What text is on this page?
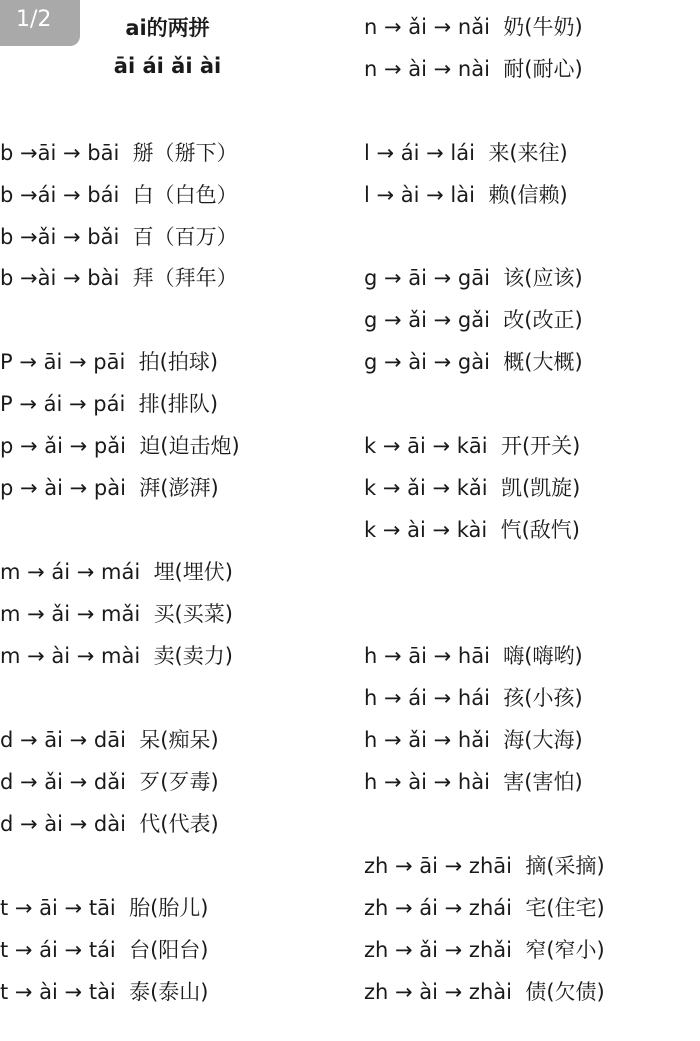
1/2	ai的两拼
āi ái ǎi ài
b →āi → bāi  掰（掰下）
b →ái → bái  白（白色）
b →ǎi → bǎi  百（百万）
b →ài → bài  拜（拜年）
P → āi → pāi  拍(拍球)
P → ái → pái  排(排队)
p → ǎi → pǎi  迫(迫击炮)
p → ài → pài  湃(澎湃)
m → ái → mái  埋(埋伏)
m → ǎi → mǎi  买(买菜)
m → ài → mài  卖(卖力)
d → āi → dāi  呆(痴呆)
d → ǎi → dǎi  歹(歹毒)
d → ài → dài  代(代表)
t → āi → tāi  胎(胎儿)
t → ái → tái  台(阳台)
t → ài → tài  泰(泰山)
n → ǎi → nǎi  奶(牛奶)
n → ài → nài  耐(耐心)
l → ái → lái  来(来往)
l → ài → lài  赖(信赖)
g → āi → gāi  该(应该)
g → ǎi → gǎi  改(改正)
g → ài → gài  概(大概)
k → āi → kāi  开(开关)
k → ǎi → kǎi  凯(凯旋)
k → ài → kài  忾(敌忾)
h → āi → hāi  嗨(嗨哟)
h → ái → hái  孩(小孩)
h → ǎi → hǎi  海(大海)
h → ài → hài  害(害怕)
zh → āi → zhāi  摘(采摘)
zh → ái → zhái  宅(住宅)
zh → ǎi → zhǎi  窄(窄小)
zh → ài → zhài  债(欠债)
